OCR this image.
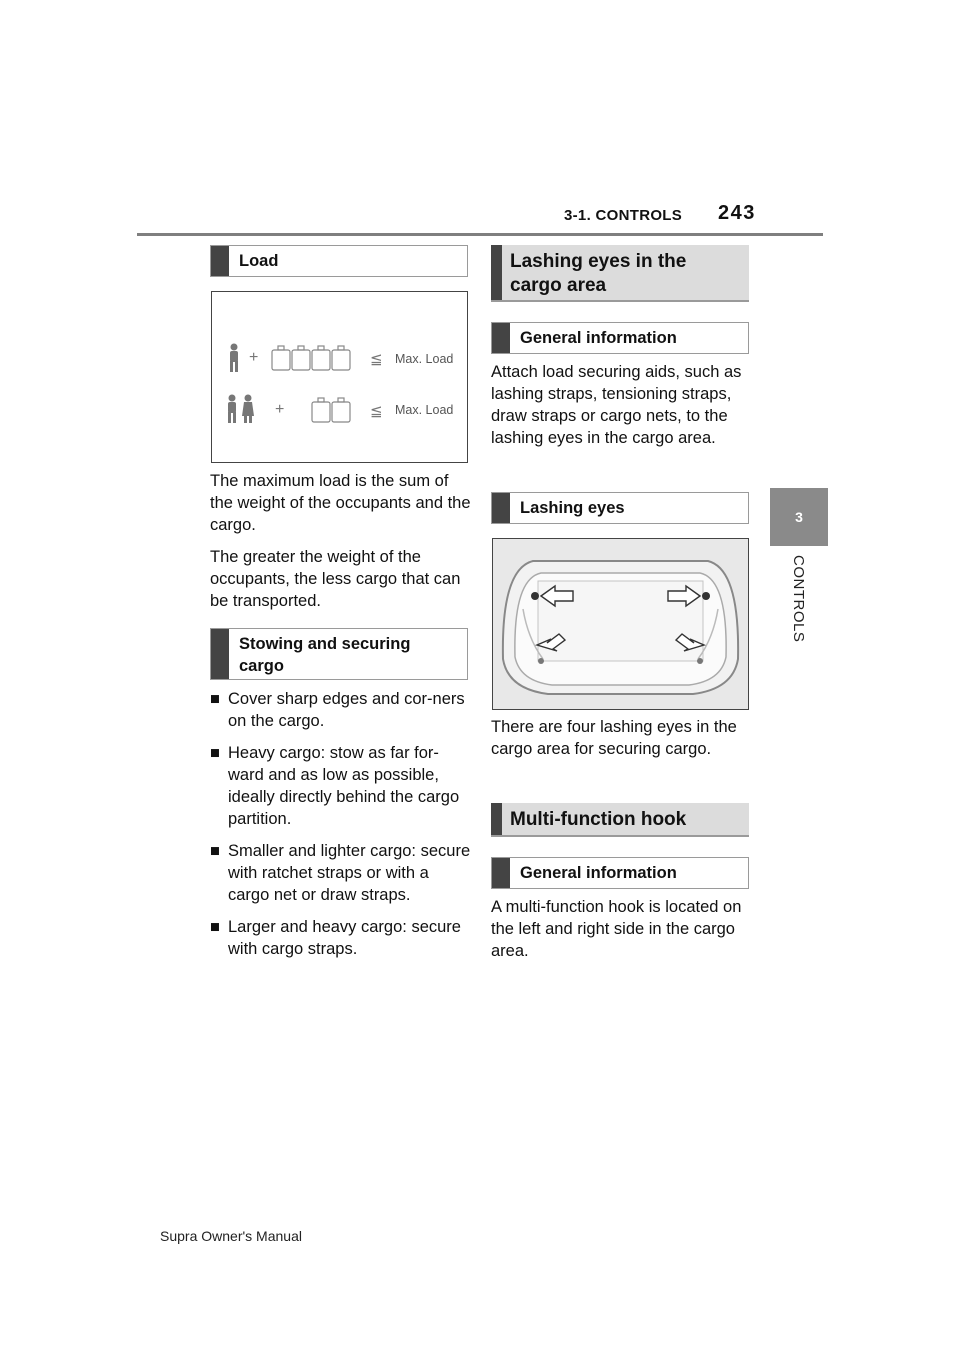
3-1. CONTROLS 243
3
CONTROLS
Load
+	≦ Max. Load
+	≦ Max. Load

The maximum load is the sum of the weight of the occupants and the cargo.

The greater the weight of the occupants, the less cargo that can be transported.

Stowing and securing cargo
■ Cover sharp edges and cor-ners on the cargo.
■ Heavy cargo: stow as far for-ward and as low as possible, ideally directly behind the cargo partition.
■ Smaller and lighter cargo: secure with ratchet straps or with a cargo net or draw straps.
■ Larger and heavy cargo: secure with cargo straps.
Lashing eyes in the cargo area
General information

Attach load securing aids, such as lashing straps, tensioning straps, draw straps or cargo nets, to the lashing eyes in the cargo area.

Lashing eyes

There are four lashing eyes in the cargo area for securing cargo.

Multi-function hook
General information

A multi-function hook is located on the left and right side in the cargo area.

Supra Owner's Manual
